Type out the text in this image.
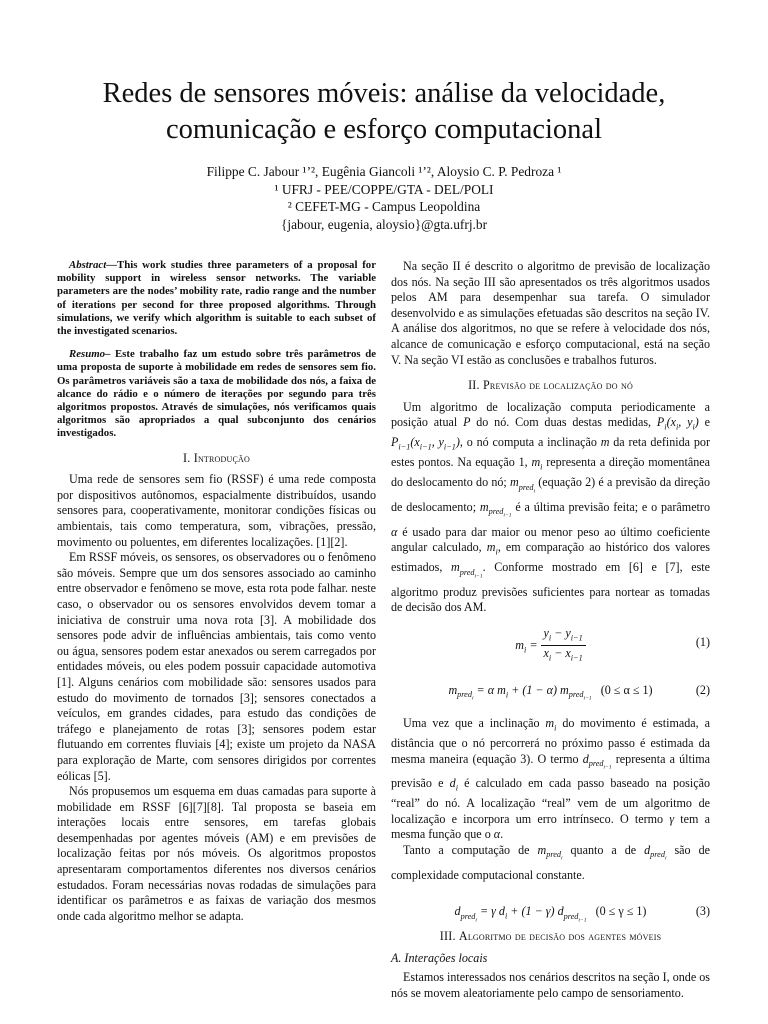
Redes de sensores móveis: análise da velocidade,
comunicação e esforço computacional
Filippe C. Jabour ¹ʼ², Eugênia Giancoli ¹ʼ², Aloysio C. P. Pedroza ¹
¹ UFRJ - PEE/COPPE/GTA - DEL/POLI
² CEFET-MG - Campus Leopoldina
{jabour, eugenia, aloysio}@gta.ufrj.br

Abstract—This work studies three parameters of a proposal for mobility support in wireless sensor networks. The variable parameters are the nodes’ mobility rate, radio range and the number of iterations per second for three proposed algorithms. Through simulations, we verify which algorithm is suitable to each subset of the investigated scenarios.

Resumo– Este trabalho faz um estudo sobre três parâmetros de uma proposta de suporte à mobilidade em redes de sensores sem fio. Os parâmetros variáveis são a taxa de mobilidade dos nós, a faixa de alcance do rádio e o número de iterações por segundo para três algoritmos propostos. Através de simulações, nós verificamos quais algoritmos são apropriados a qual subconjunto dos cenários investigados.

I. Introdução

Uma rede de sensores sem fio (RSSF) é uma rede composta por dispositivos autônomos, espacialmente distribuídos, usando sensores para, cooperativamente, monitorar condições físicas ou ambientais, tais como temperatura, som, vibrações, pressão, movimento ou poluentes, em diferentes localizações. [1][2].

Em RSSF móveis, os sensores, os observadores ou o fenômeno são móveis. Sempre que um dos sensores associado ao caminho entre observador e fenômeno se move, esta rota pode falhar. neste caso, o observador ou os sensores envolvidos devem tomar a iniciativa de construir uma nova rota [3]. A mobilidade dos sensores pode advir de influências ambientais, tais como vento ou água, sensores podem estar anexados ou serem carregados por entidades móveis, ou eles podem possuir capacidade automotiva [1]. Alguns cenários com mobilidade são: sensores usados para estudo do movimento de tornados [3]; sensores conectados a veículos, em grandes cidades, para estudo das condições de tráfego e planejamento de rotas [3]; sensores podem estar flutuando em correntes fluviais [4]; existe um projeto da NASA para exploração de Marte, com sensores dirigidos por correntes eólicas [5].

Nós propusemos um esquema em duas camadas para suporte à mobilidade em RSSF [6][7][8]. Tal proposta se baseia em interações locais entre sensores, em tarefas globais desempenhadas por agentes móveis (AM) e em previsões de localização feitas por nós móveis. Os algoritmos propostos apresentaram comportamentos diferentes nos diversos cenários estudados. Foram necessárias novas rodadas de simulações para identificar os parâmetros e as faixas de variação dos mesmos onde cada algoritmo melhor se adapta.

Na seção II é descrito o algoritmo de previsão de localização dos nós. Na seção III são apresentados os três algoritmos usados pelos AM para desempenhar sua tarefa. O simulador desenvolvido e as simulações efetuadas são descritos na seção IV. A análise dos algoritmos, no que se refere à velocidade dos nós, alcance de comunicação e esforço computacional, está na seção V. Na seção VI estão as conclusões e trabalhos futuros.

II. Previsão de localização do nó

Um algoritmo de localização computa periodicamente a posição atual P do nó. Com duas destas medidas, $P_i(x_i$, $y_i$) e $P_{i-1}(x_{i-1}$, $y_{i-1}$), o nó computa a inclinação m da reta definida por estes pontos. Na equação 1, $m_i$ representa a direção momentânea do deslocamento do nó; $m_{pred_i}$ (equação 2) é a previsão da direção de deslocamento; $m_{pred_{i-1}}$ é a última previsão feita; e o parâmetro α é usado para dar maior ou menor peso ao último coeficiente angular calculado, $m_i$, em comparação ao histórico dos valores estimados, $m_{pred_{i-1}}$. Conforme mostrado em [6] e [7], este algoritmo produz previsões suficientes para nortear as tomadas de decisão dos AM.

$m_i = \frac{y_i - y_{i-1}}{x_i - x_{i-1}}$	(1)
$m_{pred_i} = \alpha$ $m_i + (1 - \alpha)$ $m_{pred_{i-1}}$   (0 ≤ α ≤ 1)	(2)

Uma vez que a inclinação $m_i$ do movimento é estimada, a distância que o nó percorrerá no próximo passo é estimada da mesma maneira (equação 3). O termo $d_{pred_{i-1}}$ representa a última previsão e $d_i$ é calculado em cada passo baseado na posição “real” do nó. A localização “real” vem de um algoritmo de localização e incorpora um erro intrínseco. O termo γ tem a mesma função que o α.

Tanto a computação de $m_{pred_i}$ quanto a de $d_{pred_i}$ são de complexidade computacional constante.

$d_{pred_i} = \gamma$ $d_i + (1 - \gamma)$ $d_{pred_{i-1}}$   (0 ≤ γ ≤ 1)	(3)
III. Algoritmo de decisão dos agentes móveis
A. Interações locais

Estamos interessados nos cenários descritos na seção I, onde os nós se movem aleatoriamente pelo campo de sensoriamento.
